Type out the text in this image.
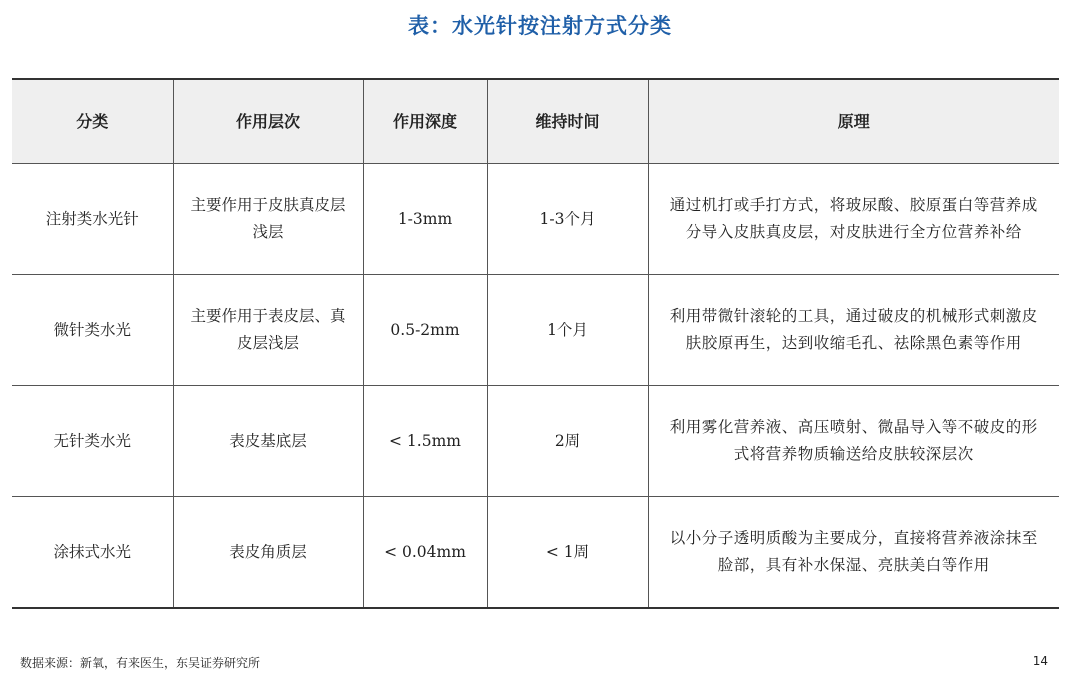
表：水光针按注射方式分类
分类	作用层次	作用深度	维持时间	原理
注射类水光针	主要作用于皮肤真皮层浅层	1-3mm	1-3个月	通过机打或手打方式，将玻尿酸、胶原蛋白等营养成分导入皮肤真皮层，对皮肤进行全方位营养补给
微针类水光	主要作用于表皮层、真皮层浅层	0.5-2mm	1个月	利用带微针滚轮的工具，通过破皮的机械形式刺激皮肤胶原再生，达到收缩毛孔、祛除黑色素等作用
无针类水光	表皮基底层	< 1.5mm	2周	利用雾化营养液、高压喷射、微晶导入等不破皮的形式将营养物质输送给皮肤较深层次
涂抹式水光	表皮角质层	< 0.04mm	< 1周	以小分子透明质酸为主要成分，直接将营养液涂抹至脸部，具有补水保湿、亮肤美白等作用
数据来源：新氧，有来医生，东吴证券研究所	14
